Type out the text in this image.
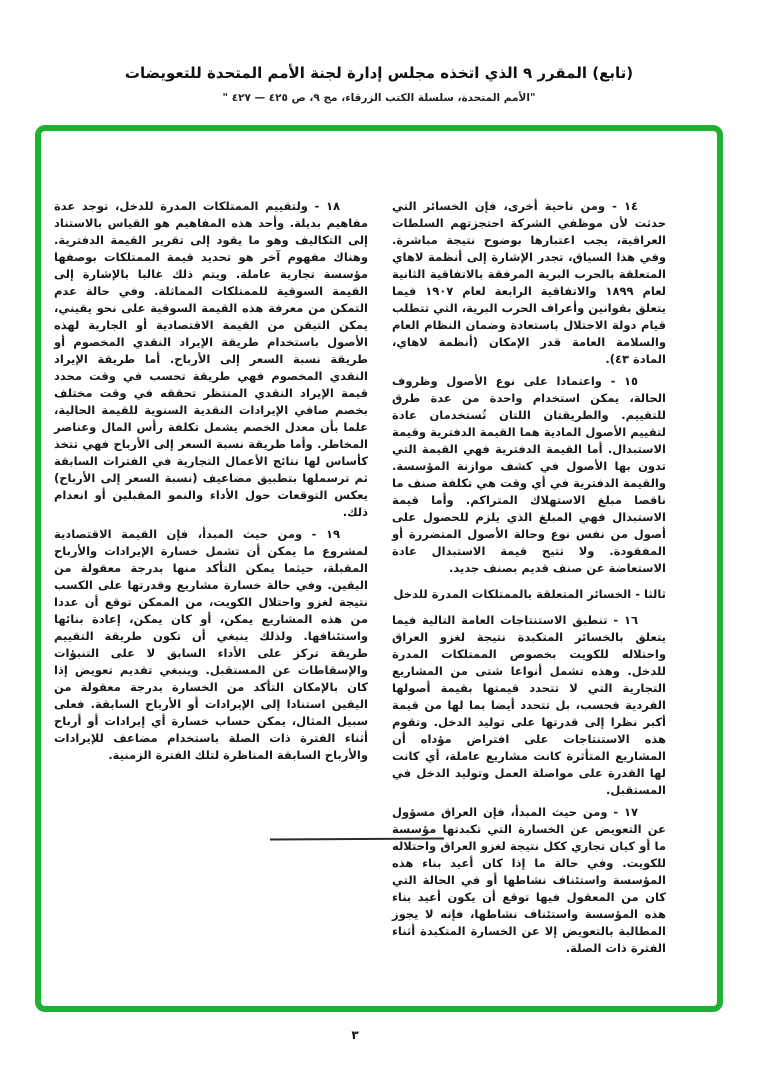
(تابع) المقرر ٩ الذي اتخذه مجلس إدارة لجنة الأمم المتحدة للتعويضات
"الأمم المتحدة، سلسلة الكتب الزرقاء، مج ٩، ص ٤٢٥ — ٤٢٧ "

١٤ - ومن ناحية أخرى، فإن الخسائر التي حدثت لأن موظفي الشركة احتجزتهم السلطات العراقية، يجب اعتبارها بوضوح نتيجة مباشرة. وفي هذا السياق، تجدر الإشارة إلى أنظمة لاهاي المتعلقة بالحرب البرية المرفقة بالاتفاقية الثانية لعام ١٨٩٩ والاتفاقية الرابعة لعام ١٩٠٧ فيما يتعلق بقوانين وأعراف الحرب البرية، التي تتطلب قيام دولة الاحتلال باستعادة وضمان النظام العام والسلامة العامة قدر الإمكان (أنظمة لاهاي، المادة ٤٣).

١٥ - واعتمادا على نوع الأصول وظروف الحالة، يمكن استخدام واحدة من عدة طرق للتقييم. والطريقتان اللتان تُستخدمان عادة لتقييم الأصول المادية هما القيمة الدفترية وقيمة الاستبدال. أما القيمة الدفترية فهي القيمة التي تدون بها الأصول في كشف موازنة المؤسسة. والقيمة الدفترية في أي وقت هي تكلفة صنف ما ناقصا مبلغ الاستهلاك المتراكم. وأما قيمة الاستبدال فهي المبلغ الذي يلزم للحصول على أصول من نفس نوع وحالة الأصول المتضررة أو المفقودة. ولا تتيح قيمة الاستبدال عادة الاستعاضة عن صنف قديم بصنف جديد.

ثالثا - الخسائر المتعلقة بالممتلكات المدرة للدخل

١٦ - تنطبق الاستنتاجات العامة التالية فيما يتعلق بالخسائر المتكبدة نتيجة لغزو العراق واحتلاله للكويت بخصوص الممتلكات المدرة للدخل. وهذه تشمل أنواعا شتى من المشاريع التجارية التي لا تتحدد قيمتها بقيمة أصولها الفردية فحسب، بل تتحدد أيضا بما لها من قيمة أكبر نظرا إلى قدرتها على توليد الدخل. وتقوم هذه الاستنتاجات على افتراض مؤداه أن المشاريع المتأثرة كانت مشاريع عاملة، أي كانت لها القدرة على مواصلة العمل وتوليد الدخل في المستقبل.

١٧ - ومن حيث المبدأ، فإن العراق مسؤول عن التعويض عن الخسارة التي تكبدتها مؤسسة ما أو كيان تجاري ككل نتيجة لغزو العراق واحتلاله للكويت. وفي حالة ما إذا كان أعيد بناء هذه المؤسسة واستئناف نشاطها أو في الحالة التي كان من المعقول فيها توقع أن يكون أعيد بناء هذه المؤسسة واستئناف نشاطها، فإنه لا يجوز المطالبة بالتعويض إلا عن الخسارة المتكبدة أثناء الفترة ذات الصلة.

١٨ - ولتقييم الممتلكات المدرة للدخل، توجد عدة مفاهيم بديلة. وأحد هذه المفاهيم هو القياس بالاستناد إلى التكاليف وهو ما يقود إلى تقرير القيمة الدفترية. وهناك مفهوم آخر هو تحديد قيمة الممتلكات بوصفها مؤسسة تجارية عاملة. ويتم ذلك غالبا بالإشارة إلى القيمة السوقية للممتلكات المماثلة. وفي حالة عدم التمكن من معرفة هذه القيمة السوقية على نحو يقيني، يمكن التيقن من القيمة الاقتصادية أو الجارية لهذه الأصول باستخدام طريقة الإيراد النقدي المخصوم أو طريقة نسبة السعر إلى الأرباح. أما طريقة الإيراد النقدي المخصوم فهي طريقة تحسب في وقت محدد قيمة الإيراد النقدي المنتظر تحققه في وقت مختلف بخصم صافي الإيرادات النقدية السنوية للقيمة الحالية، علما بأن معدل الخصم يشمل تكلفة رأس المال وعناصر المخاطر. وأما طريقة نسبة السعر إلى الأرباح فهي تتخذ كأساس لها نتائج الأعمال التجارية في الفترات السابقة ثم ترسملها بتطبيق مضاعيف (نسبة السعر إلى الأرباح) يعكس التوقعات حول الأداء والنمو المقبلين أو انعدام ذلك.

١٩ - ومن حيث المبدأ، فإن القيمة الاقتصادية لمشروع ما يمكن أن تشمل خسارة الإيرادات والأرباح المقبلة، حيثما يمكن التأكد منها بدرجة معقولة من اليقين. وفي حالة خسارة مشاريع وقدرتها على الكسب نتيجة لغزو واحتلال الكويت، من الممكن توقع أن عددا من هذه المشاريع يمكن، أو كان يمكن، إعادة بنائها واستئنافها. ولذلك ينبغي أن تكون طريقة التقييم طريقة تركز على الأداء السابق لا على التنبؤات والإسقاطات عن المستقبل. وينبغي تقديم تعويض إذا كان بالإمكان التأكد من الخسارة بدرجة معقولة من اليقين استنادا إلى الإيرادات أو الأرباح السابقة. فعلى سبيل المثال، يمكن حساب خسارة أي إيرادات أو أرباح أثناء الفترة ذات الصلة باستخدام مضاعف للإيرادات والأرباح السابقة المناظرة لتلك الفترة الزمنية.

٣
